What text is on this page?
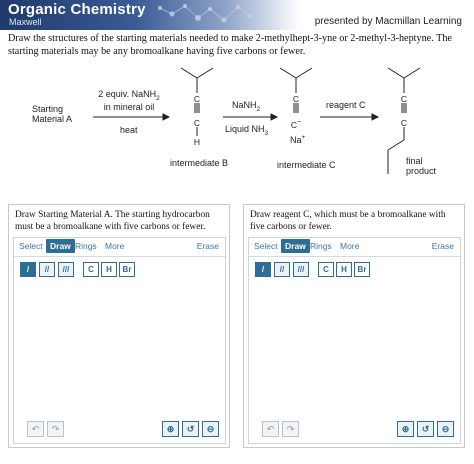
Organic Chemistry
Maxwell	presented by Macmillan Learning
Draw the structures of the starting materials needed to make 2-methylhept-3-yne or 2-methyl-3-heptyne. The starting materials may be any bromoalkane having five carbons or fewer.
Starting
Material A
2 equiv. NaNH$_2$
in mineral oil
heat
C
C
H
intermediate B
NaNH$_2$
Liquid $NH_3$
C
C−
Na+
intermediate C
reagent C
C
C
final
product
Draw Starting Material A. The starting hydrocarbon must be a bromoalkane with five carbons or fewer.
Select Draw Rings More	Erase
/	//	///	C	H	Br
↶	↷	⊕	↺	⊖
Draw reagent C, which must be a bromoalkane with five carbons or fewer.
Select Draw Rings More	Erase
/	//	///	C	H	Br
↶	↷	⊕	↺	⊖
